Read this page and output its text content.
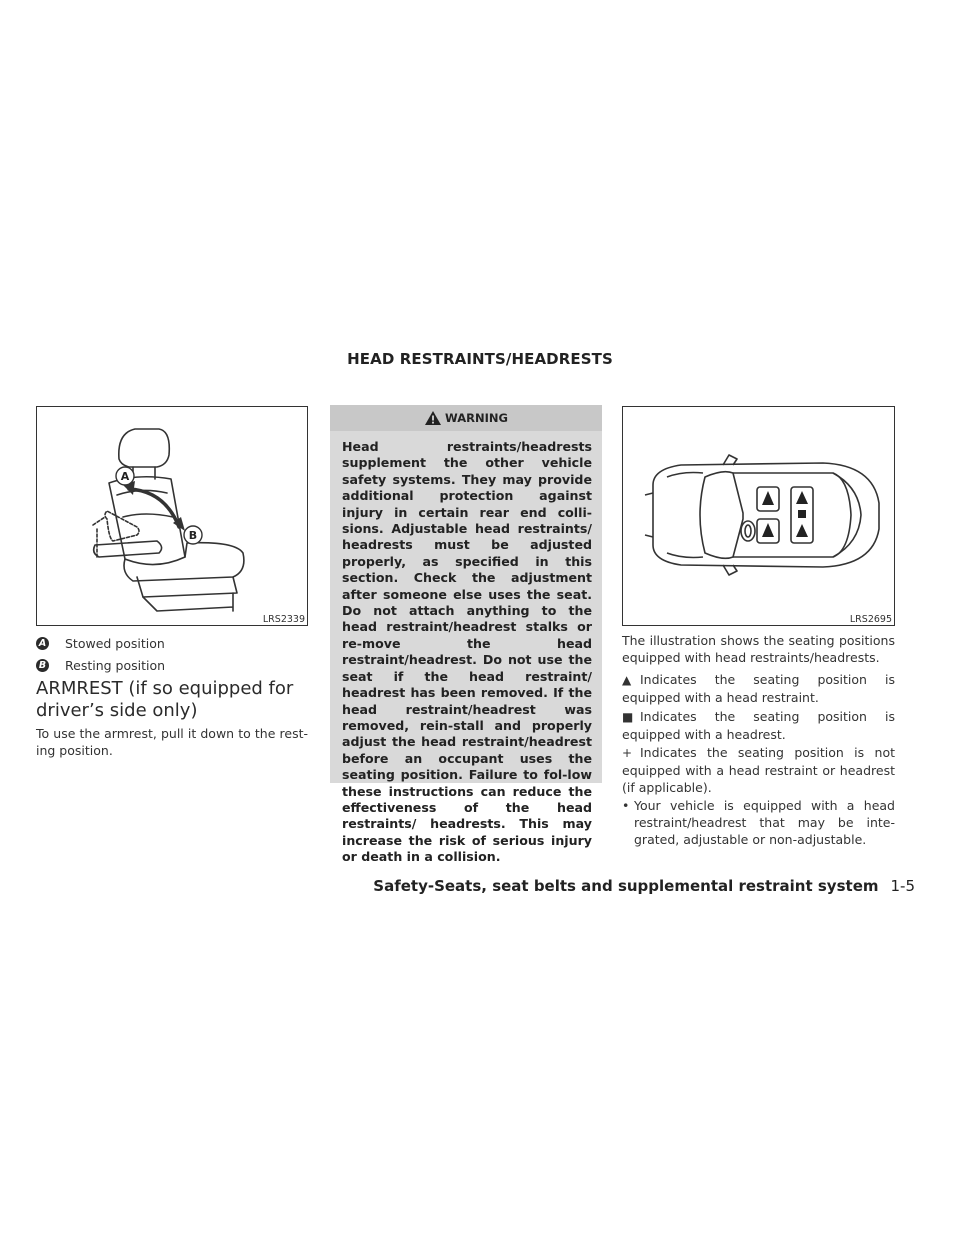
HEAD RESTRAINTS/HEADRESTS
A
B
LRS2339
A Stowed position
B Resting position
ARMREST (if so equipped for driver’s side only)
To use the armrest, pull it down to the rest-ing position.
WARNING
Head restraints/headrests supplement the other vehicle safety systems. They may provide additional protection against injury in certain rear end colli-sions. Adjustable head restraints/ headrests must be adjusted properly, as specified in this section. Check the adjustment after someone else uses the seat. Do not attach anything to the head restraint/headrest stalks or re-move the head restraint/headrest. Do not use the seat if the head restraint/ headrest has been removed. If the head restraint/headrest was removed, rein-stall and properly adjust the head restraint/headrest before an occupant uses the seating position. Failure to fol-low these instructions can reduce the effectiveness of the head restraints/ headrests. This may increase the risk of serious injury or death in a collision.
LRS2695
The illustration shows the seating positions equipped with head restraints/headrests.
▲ Indicates the seating position is equipped with a head restraint.
■ Indicates the seating position is equipped with a headrest.
+ Indicates the seating position is not equipped with a head restraint or headrest (if applicable).
• Your vehicle is equipped with a head restraint/headrest that may be inte-grated, adjustable or non-adjustable.
Safety-Seats, seat belts and supplemental restraint system 1-5
